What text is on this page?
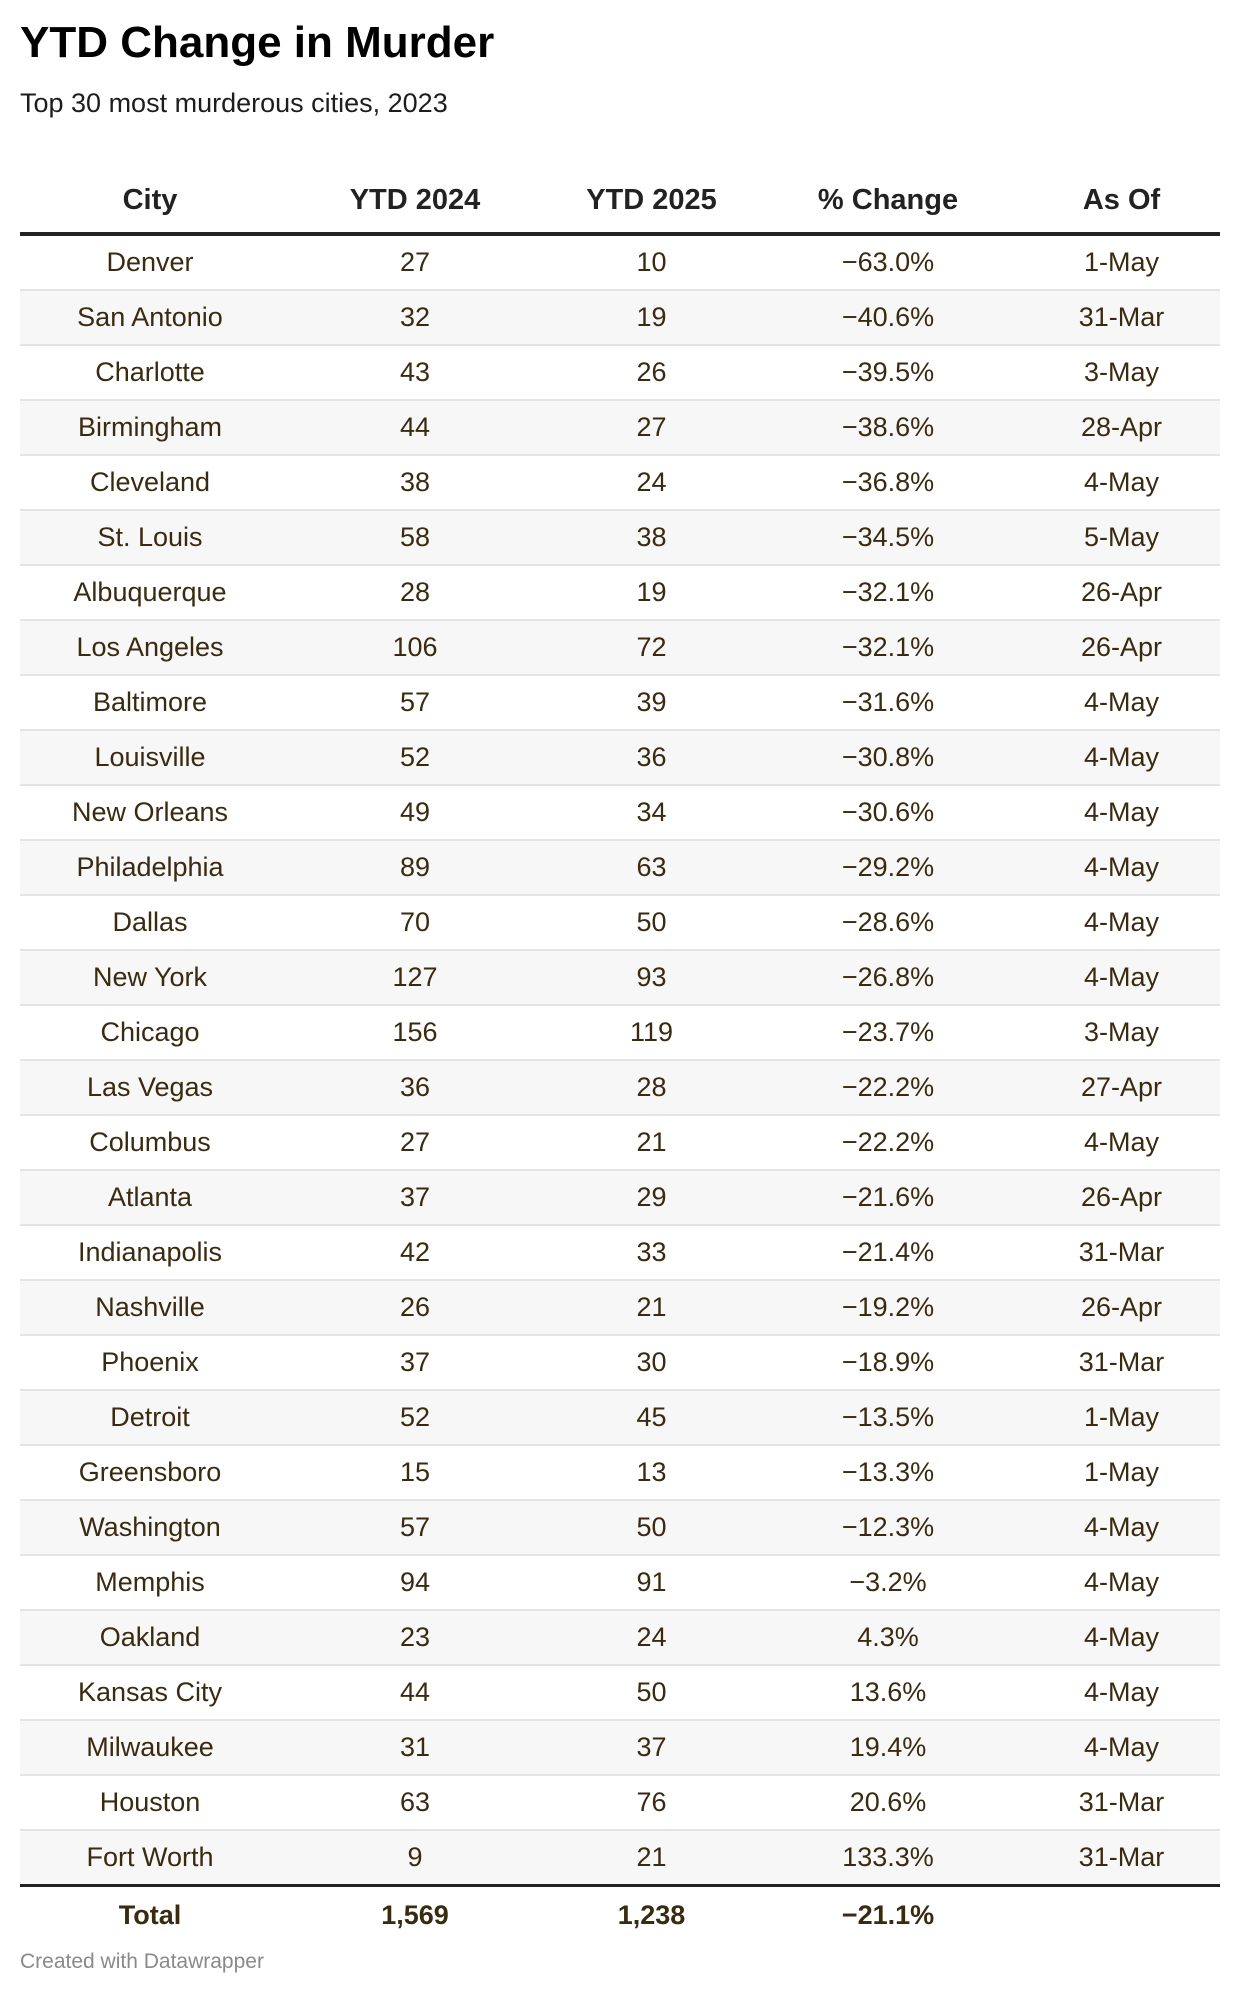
YTD Change in Murder
Top 30 most murderous cities, 2023
City	YTD 2024	YTD 2025	% Change	As Of
Denver	27	10	−63.0%	1-May
San Antonio	32	19	−40.6%	31-Mar
Charlotte	43	26	−39.5%	3-May
Birmingham	44	27	−38.6%	28-Apr
Cleveland	38	24	−36.8%	4-May
St. Louis	58	38	−34.5%	5-May
Albuquerque	28	19	−32.1%	26-Apr
Los Angeles	106	72	−32.1%	26-Apr
Baltimore	57	39	−31.6%	4-May
Louisville	52	36	−30.8%	4-May
New Orleans	49	34	−30.6%	4-May
Philadelphia	89	63	−29.2%	4-May
Dallas	70	50	−28.6%	4-May
New York	127	93	−26.8%	4-May
Chicago	156	119	−23.7%	3-May
Las Vegas	36	28	−22.2%	27-Apr
Columbus	27	21	−22.2%	4-May
Atlanta	37	29	−21.6%	26-Apr
Indianapolis	42	33	−21.4%	31-Mar
Nashville	26	21	−19.2%	26-Apr
Phoenix	37	30	−18.9%	31-Mar
Detroit	52	45	−13.5%	1-May
Greensboro	15	13	−13.3%	1-May
Washington	57	50	−12.3%	4-May
Memphis	94	91	−3.2%	4-May
Oakland	23	24	4.3%	4-May
Kansas City	44	50	13.6%	4-May
Milwaukee	31	37	19.4%	4-May
Houston	63	76	20.6%	31-Mar
Fort Worth	9	21	133.3%	31-Mar
Total	1,569	1,238	−21.1%	
Created with Datawrapper
